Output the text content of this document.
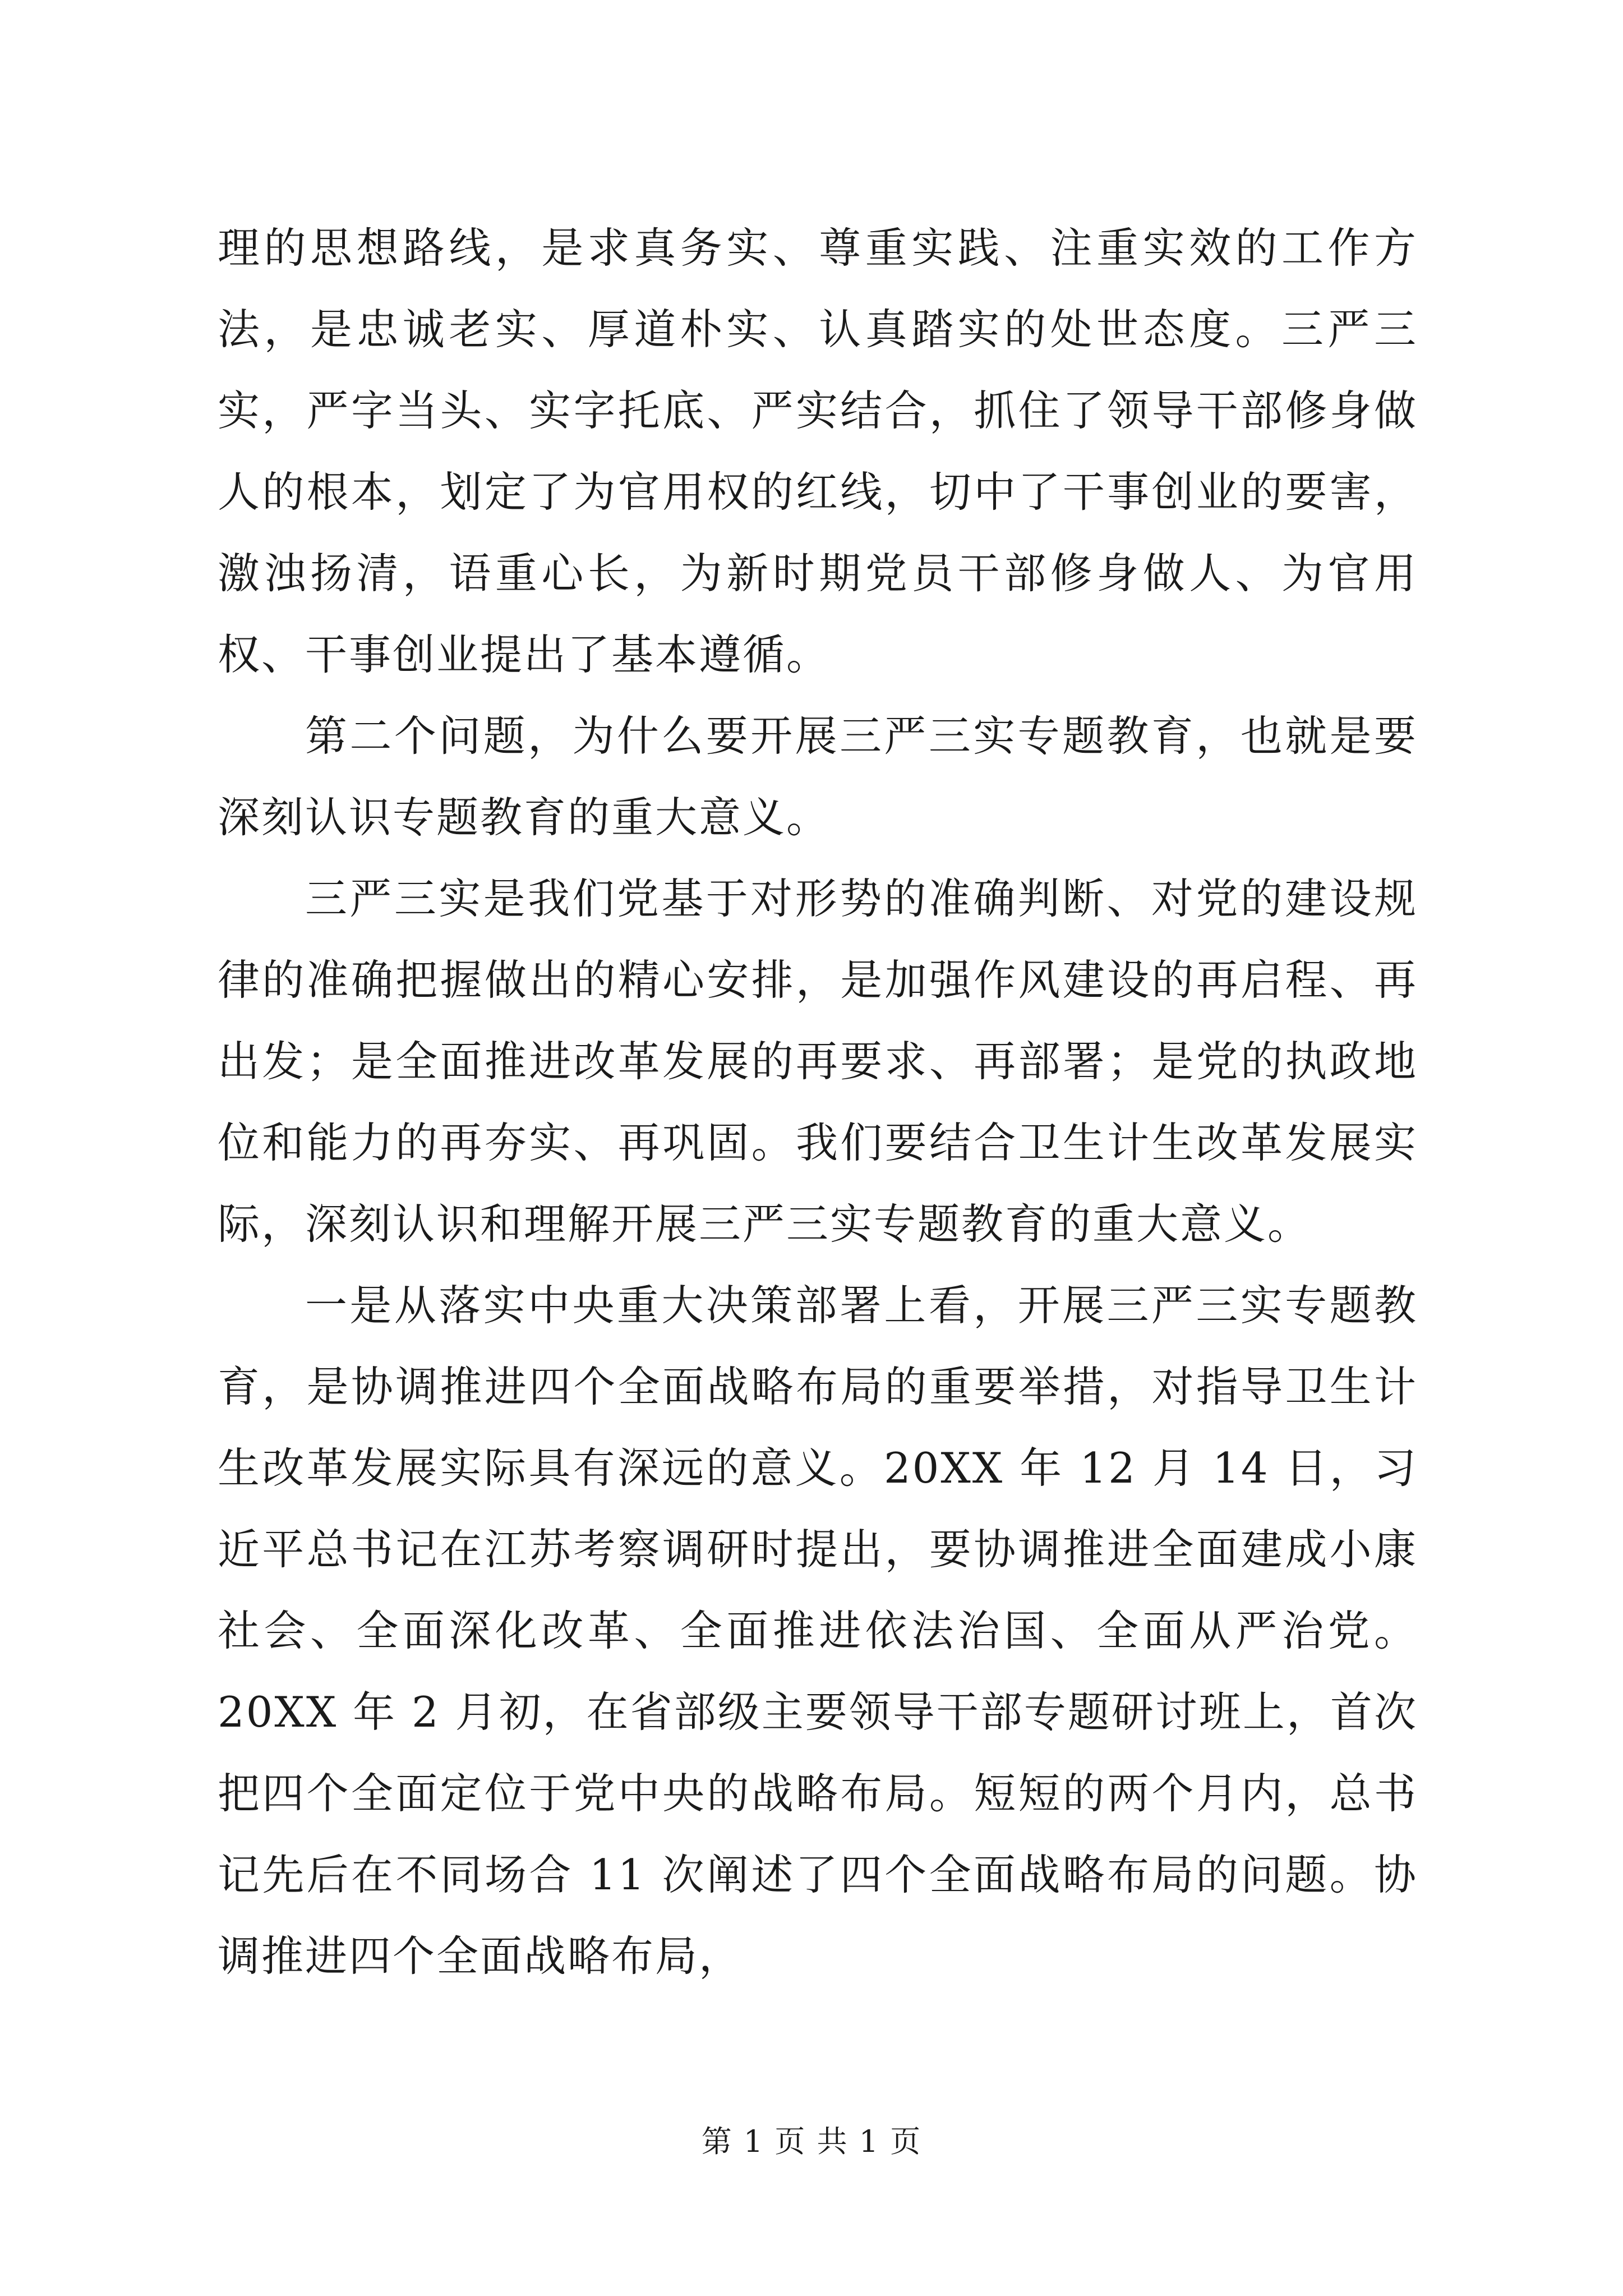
理的思想路线，是求真务实、尊重实践、注重实效的工作方法，是忠诚老实、厚道朴实、认真踏实的处世态度。三严三实，严字当头、实字托底、严实结合，抓住了领导干部修身做人的根本，划定了为官用权的红线，切中了干事创业的要害，激浊扬清，语重心长，为新时期党员干部修身做人、为官用权、干事创业提出了基本遵循。

第二个问题，为什么要开展三严三实专题教育，也就是要深刻认识专题教育的重大意义。

三严三实是我们党基于对形势的准确判断、对党的建设规律的准确把握做出的精心安排，是加强作风建设的再启程、再出发；是全面推进改革发展的再要求、再部署；是党的执政地位和能力的再夯实、再巩固。我们要结合卫生计生改革发展实际，深刻认识和理解开展三严三实专题教育的重大意义。

一是从落实中央重大决策部署上看，开展三严三实专题教育，是协调推进四个全面战略布局的重要举措，对指导卫生计生改革发展实际具有深远的意义。20XX 年 12 月 14 日，习近平总书记在江苏考察调研时提出，要协调推进全面建成小康社会、全面深化改革、全面推进依法治国、全面从严治党。20XX 年 2 月初，在省部级主要领导干部专题研讨班上，首次把四个全面定位于党中央的战略布局。短短的两个月内，总书记先后在不同场合 11 次阐述了四个全面战略布局的问题。协调推进四个全面战略布局，

第 1 页 共 1 页
